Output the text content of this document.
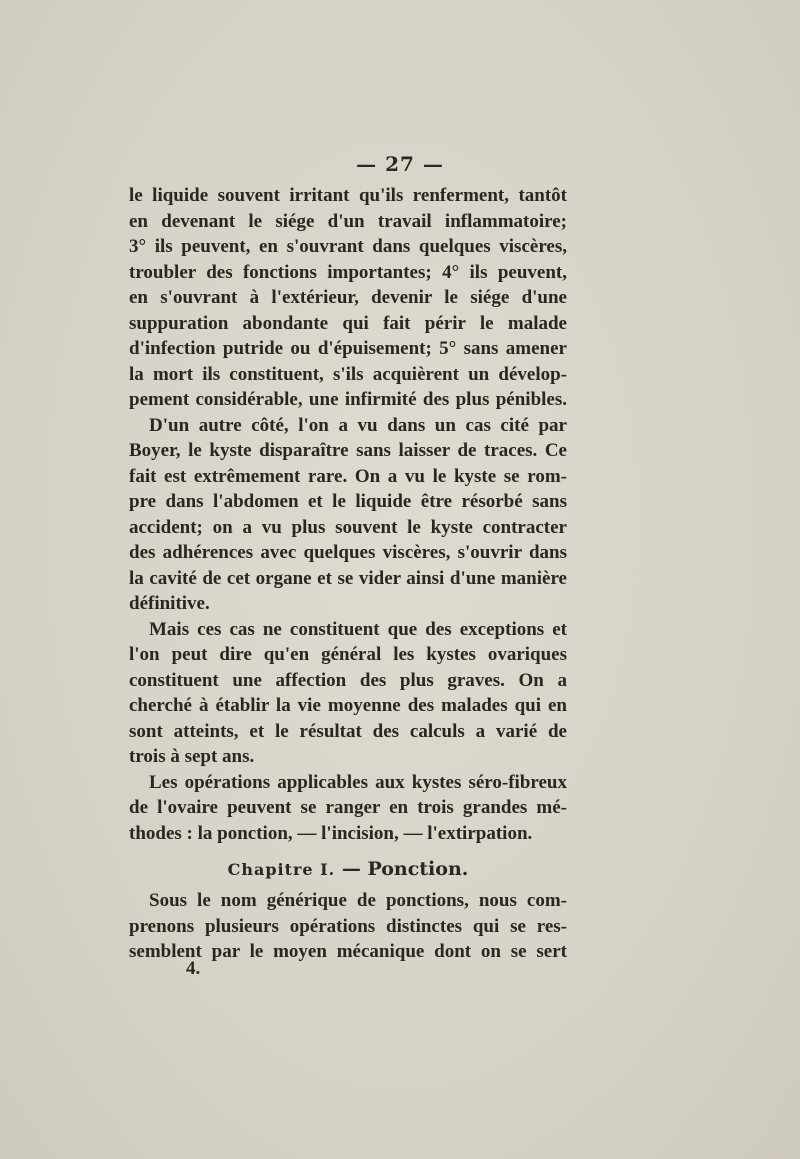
— 27 —
le liquide souvent irritant qu'ils renferment, tantôt
en devenant le siége d'un travail inflammatoire;
3° ils peuvent, en s'ouvrant dans quelques viscères,
troubler des fonctions importantes; 4° ils peuvent,
en s'ouvrant à l'extérieur, devenir le siége d'une
suppuration abondante qui fait périr le malade
d'infection putride ou d'épuisement; 5° sans amener
la mort ils constituent, s'ils acquièrent un dévelop-
pement considérable, une infirmité des plus pénibles.
D'un autre côté, l'on a vu dans un cas cité par
Boyer, le kyste disparaître sans laisser de traces. Ce
fait est extrêmement rare. On a vu le kyste se rom-
pre dans l'abdomen et le liquide être résorbé sans
accident; on a vu plus souvent le kyste contracter
des adhérences avec quelques viscères, s'ouvrir dans
la cavité de cet organe et se vider ainsi d'une manière
définitive.
Mais ces cas ne constituent que des exceptions et
l'on peut dire qu'en général les kystes ovariques
constituent une affection des plus graves. On a
cherché à établir la vie moyenne des malades qui en
sont atteints, et le résultat des calculs a varié de
trois à sept ans.
Les opérations applicables aux kystes séro-fibreux
de l'ovaire peuvent se ranger en trois grandes mé-
thodes : la ponction, — l'incision, — l'extirpation.
Chapitre I. — Ponction.
Sous le nom générique de ponctions, nous com-
prenons plusieurs opérations distinctes qui se res-
semblent par le moyen mécanique dont on se sert
4.
